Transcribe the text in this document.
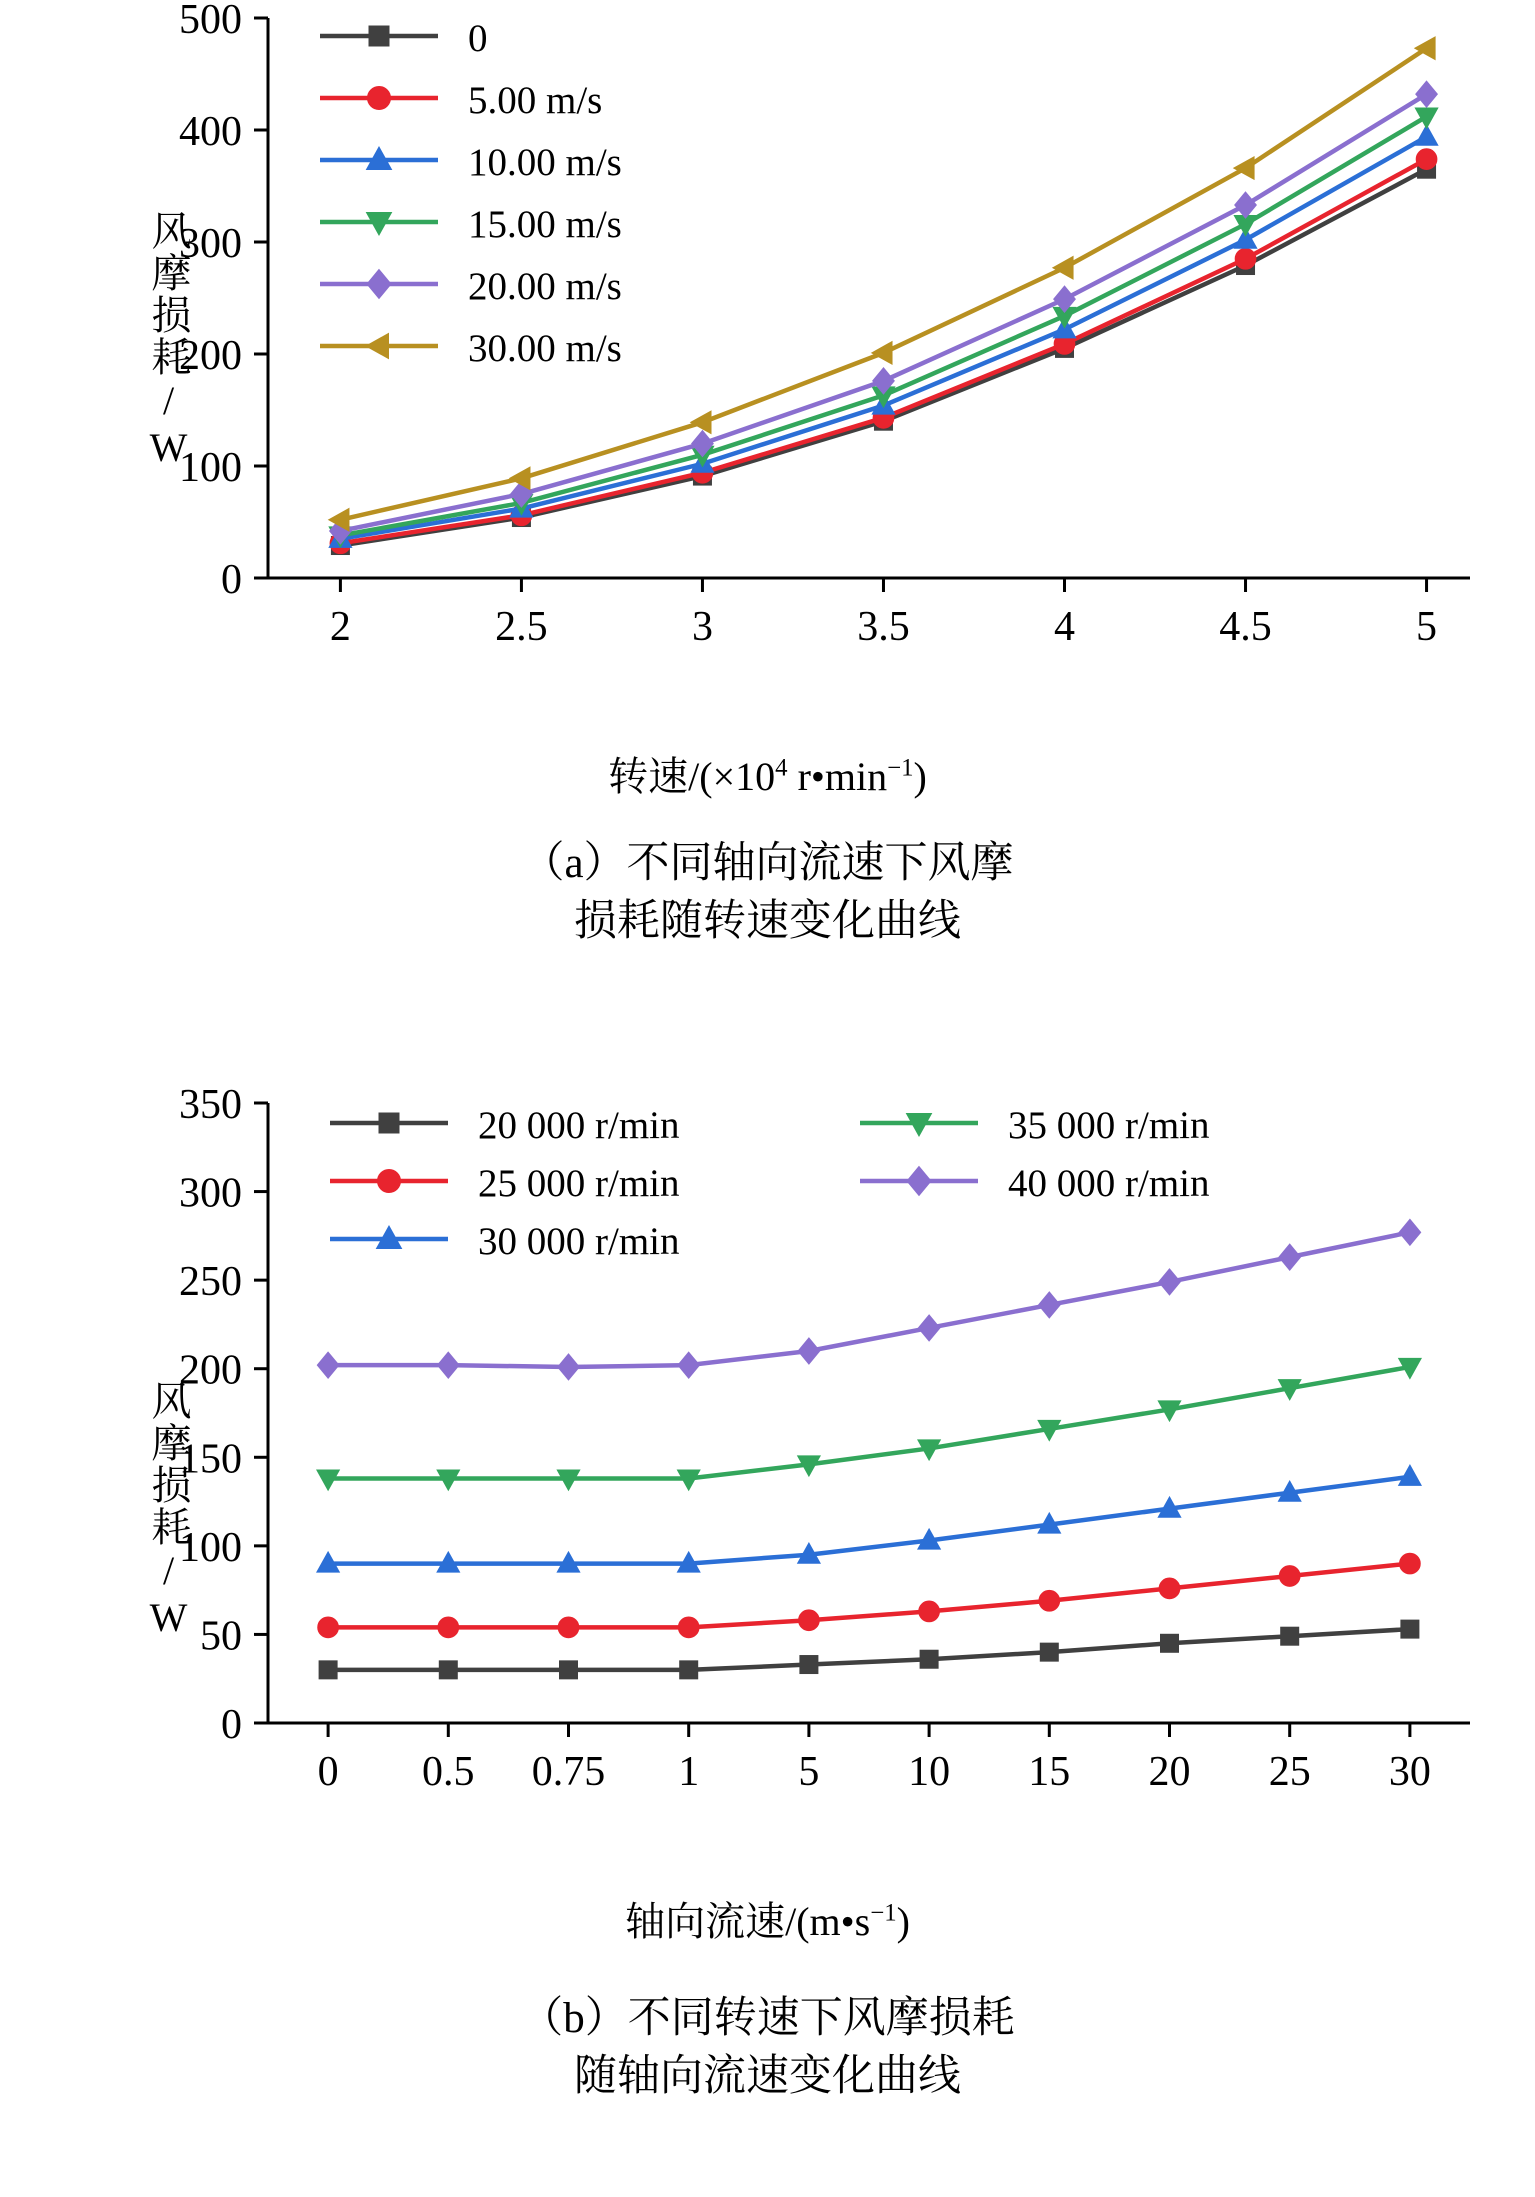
0
100
200
300
400
500
2	2.5	3	3.5	4	4.5	5
0
5.00 m/s
10.00 m/s
15.00 m/s
20.00 m/s
30.00 m/s
风摩损耗/W
转速$/(\times 10^4$ $r•\min^{-1}$)
（a）不同轴向流速下风摩
损耗随转速变化曲线
0
50
100
150
200
250
300
350
0 0.5 0.75 1 5 10 15 20 25 30
20 000 r/min
25 000 r/min
30 000 r/min
35 000 r/min
40 000 r/min
风摩损耗/W
轴向流速$/(m•s^{-1})$
（b）不同转速下风摩损耗
随轴向流速变化曲线
